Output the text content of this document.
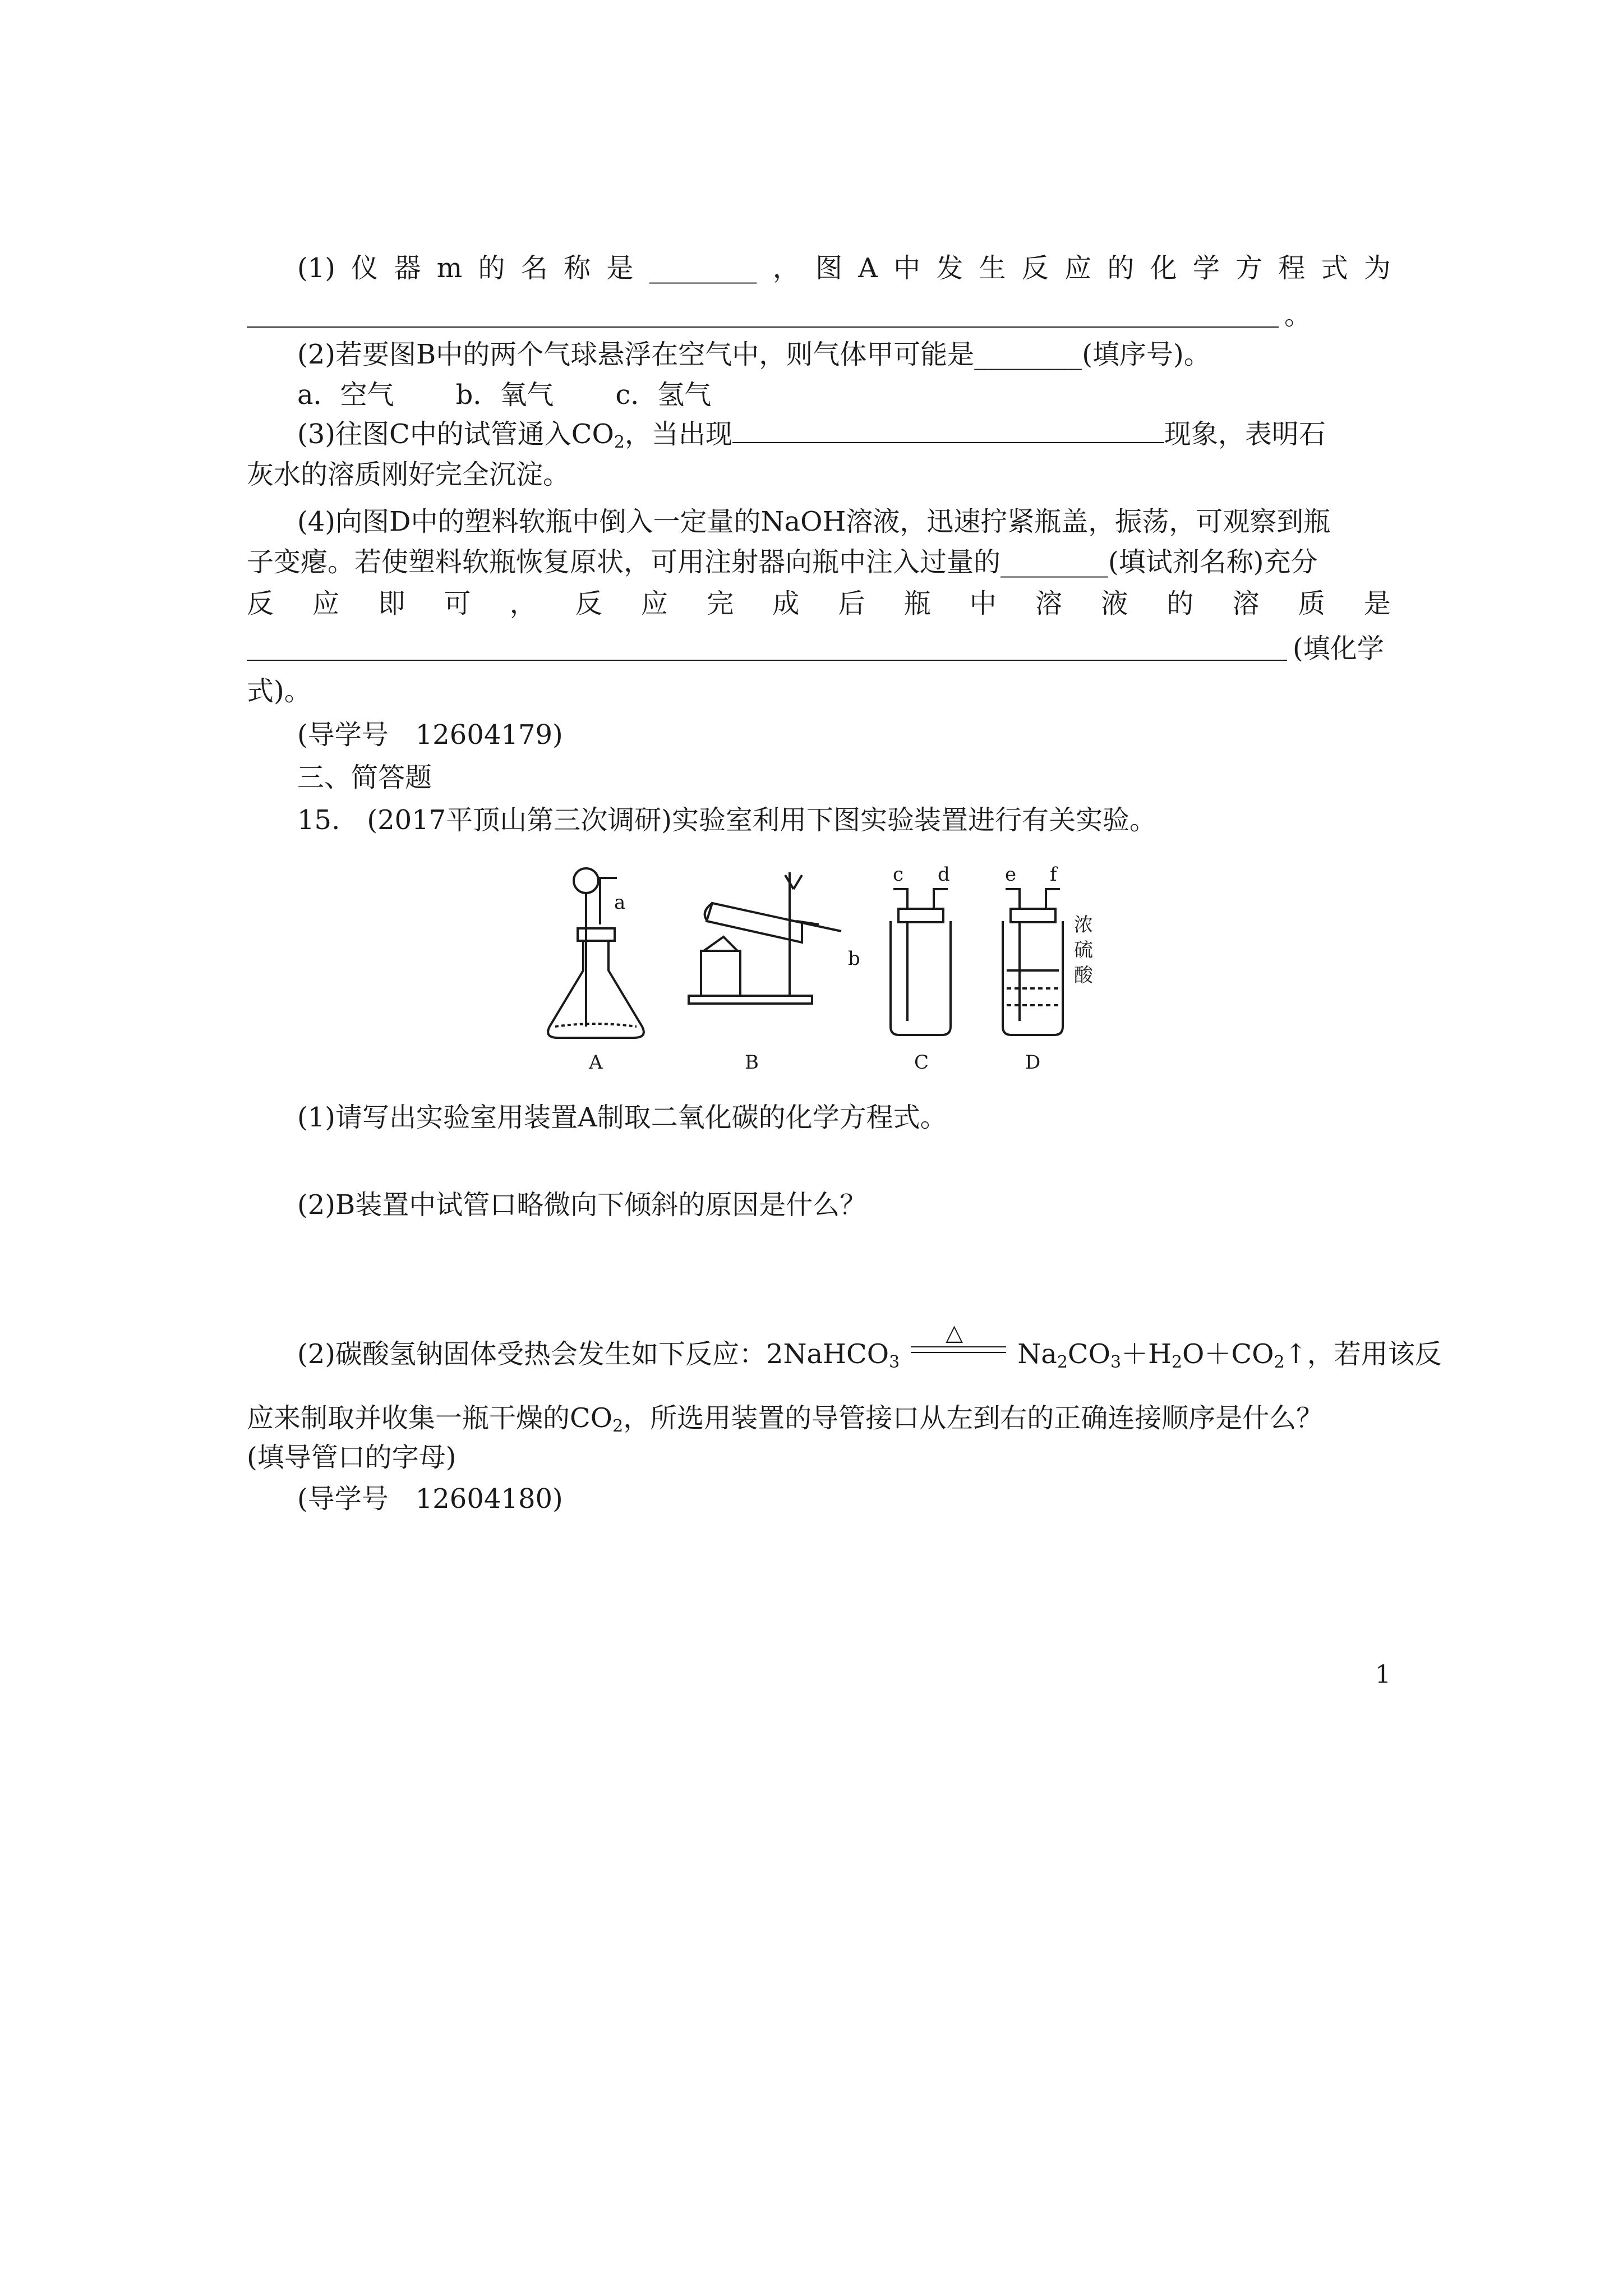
(1) 仪 器 m 的 名 称 是 ________ ， 图 A 中 发 生 反 应 的 化 学 方 程 式 为
。
(2)若要图B中的两个气球悬浮在空气中，则气体甲可能是________(填序号)。
a．空气 b．氧气 c．氢气
(3)往图C中的试管通入$CO_2$，当出现	现象，表明石
灰水的溶质刚好完全沉淀。
(4)向图D中的塑料软瓶中倒入一定量的NaOH溶液，迅速拧紧瓶盖，振荡，可观察到瓶
子变瘪。若使塑料软瓶恢复原状，可用注射器向瓶中注入过量的________(填试剂名称)充分
反 应 即 可 ， 反 应 完 成 后 瓶 中 溶 液 的 溶 质 是
(填化学
式)。
(导学号　12604179)
三、简答题
15.　(2017平顶山第三次调研)实验室利用下图实验装置进行有关实验。
a
b
c d	e f
浓
硫
酸
A	B	C	D
(1)请写出实验室用装置A制取二氧化碳的化学方程式。
(2)B装置中试管口略微向下倾斜的原因是什么？
(2)碳酸氢钠固体受热会发生如下反应：2NaHCO$_3$
△
$Na_2CO_3+H_2O+CO_2↑$，若用该反
应来制取并收集一瓶干燥的$CO_2$，所选用装置的导管接口从左到右的正确连接顺序是什么？
(填导管口的字母)
(导学号　12604180)
1
